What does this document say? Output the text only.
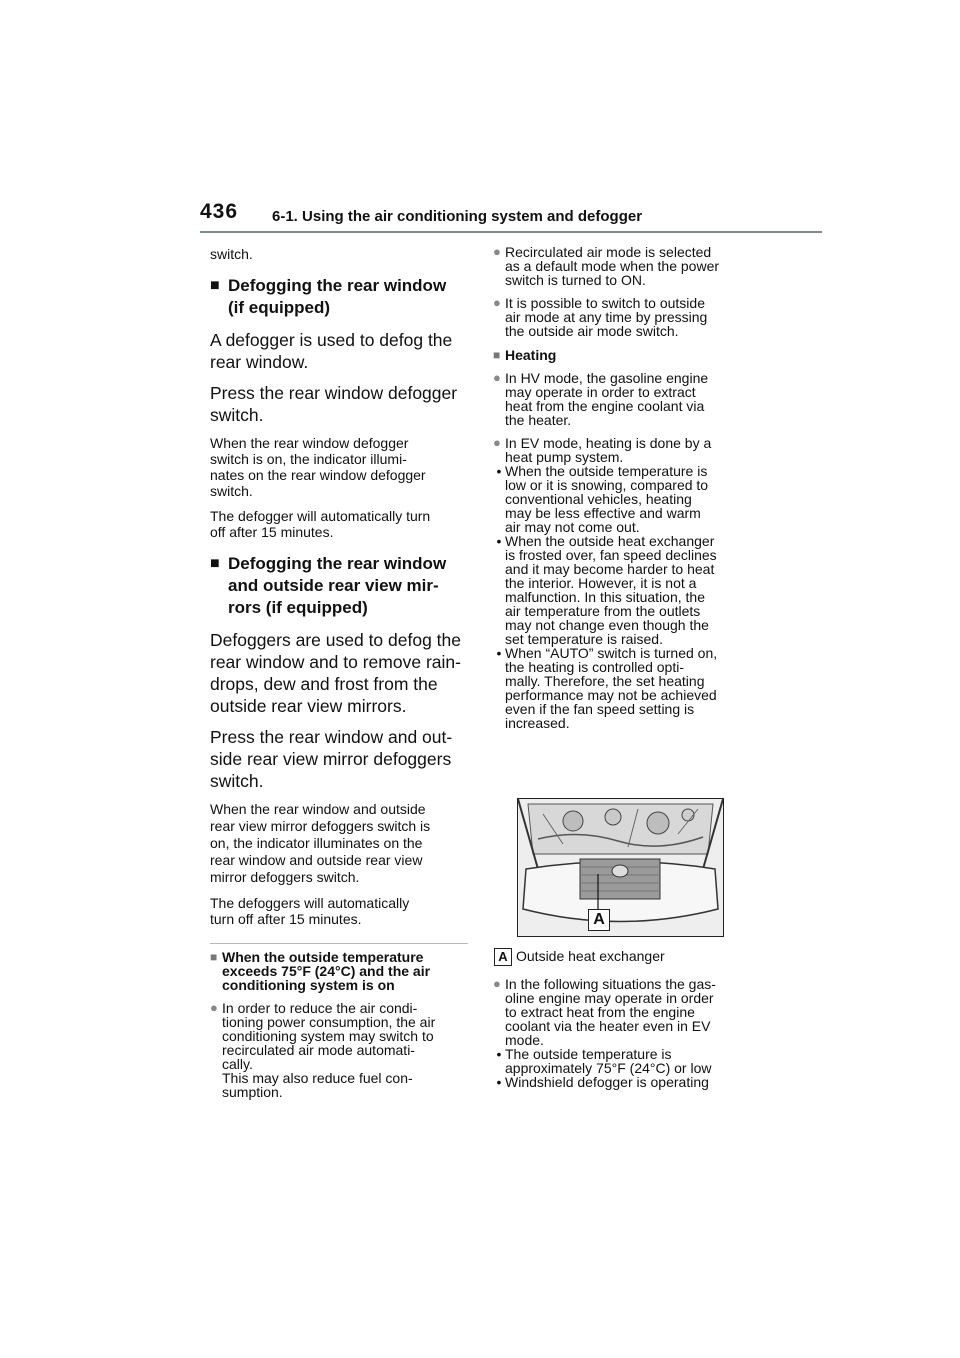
436 6-1. Using the air conditioning system and defogger

switch.

■ Defogging the rear window
(if equipped)

A defogger is used to defog the
rear window.

Press the rear window defogger
switch.

When the rear window defogger
switch is on, the indicator illumi-
nates on the rear window defogger
switch.

The defogger will automatically turn
off after 15 minutes.

■ Defogging the rear window
and outside rear view mir-
rors (if equipped)

Defoggers are used to defog the
rear window and to remove rain-
drops, dew and frost from the
outside rear view mirrors.

Press the rear window and out-
side rear view mirror defoggers
switch.

When the rear window and outside
rear view mirror defoggers switch is
on, the indicator illuminates on the
rear window and outside rear view
mirror defoggers switch.

The defoggers will automatically
turn off after 15 minutes.

■ When the outside temperature
exceeds 75°F (24°C) and the air
conditioning system is on
● In order to reduce the air condi-
tioning power consumption, the air
conditioning system may switch to
recirculated air mode automati-
cally.
This may also reduce fuel con-
sumption.
● Recirculated air mode is selected
as a default mode when the power
switch is turned to ON.
● It is possible to switch to outside
air mode at any time by pressing
the outside air mode switch.
■ Heating
● In HV mode, the gasoline engine
may operate in order to extract
heat from the engine coolant via
the heater.
● In EV mode, heating is done by a
heat pump system.
• When the outside temperature is
low or it is snowing, compared to
conventional vehicles, heating
may be less effective and warm
air may not come out.
• When the outside heat exchanger
is frosted over, fan speed declines
and it may become harder to heat
the interior. However, it is not a
malfunction. In this situation, the
air temperature from the outlets
may not change even though the
set temperature is raised.
• When “AUTO” switch is turned on,
the heating is controlled opti-
mally. Therefore, the set heating
performance may not be achieved
even if the fan speed setting is
increased.
A
A Outside heat exchanger
● In the following situations the gas-
oline engine may operate in order
to extract heat from the engine
coolant via the heater even in EV
mode.
• The outside temperature is
approximately 75°F (24°C) or low
• Windshield defogger is operating
